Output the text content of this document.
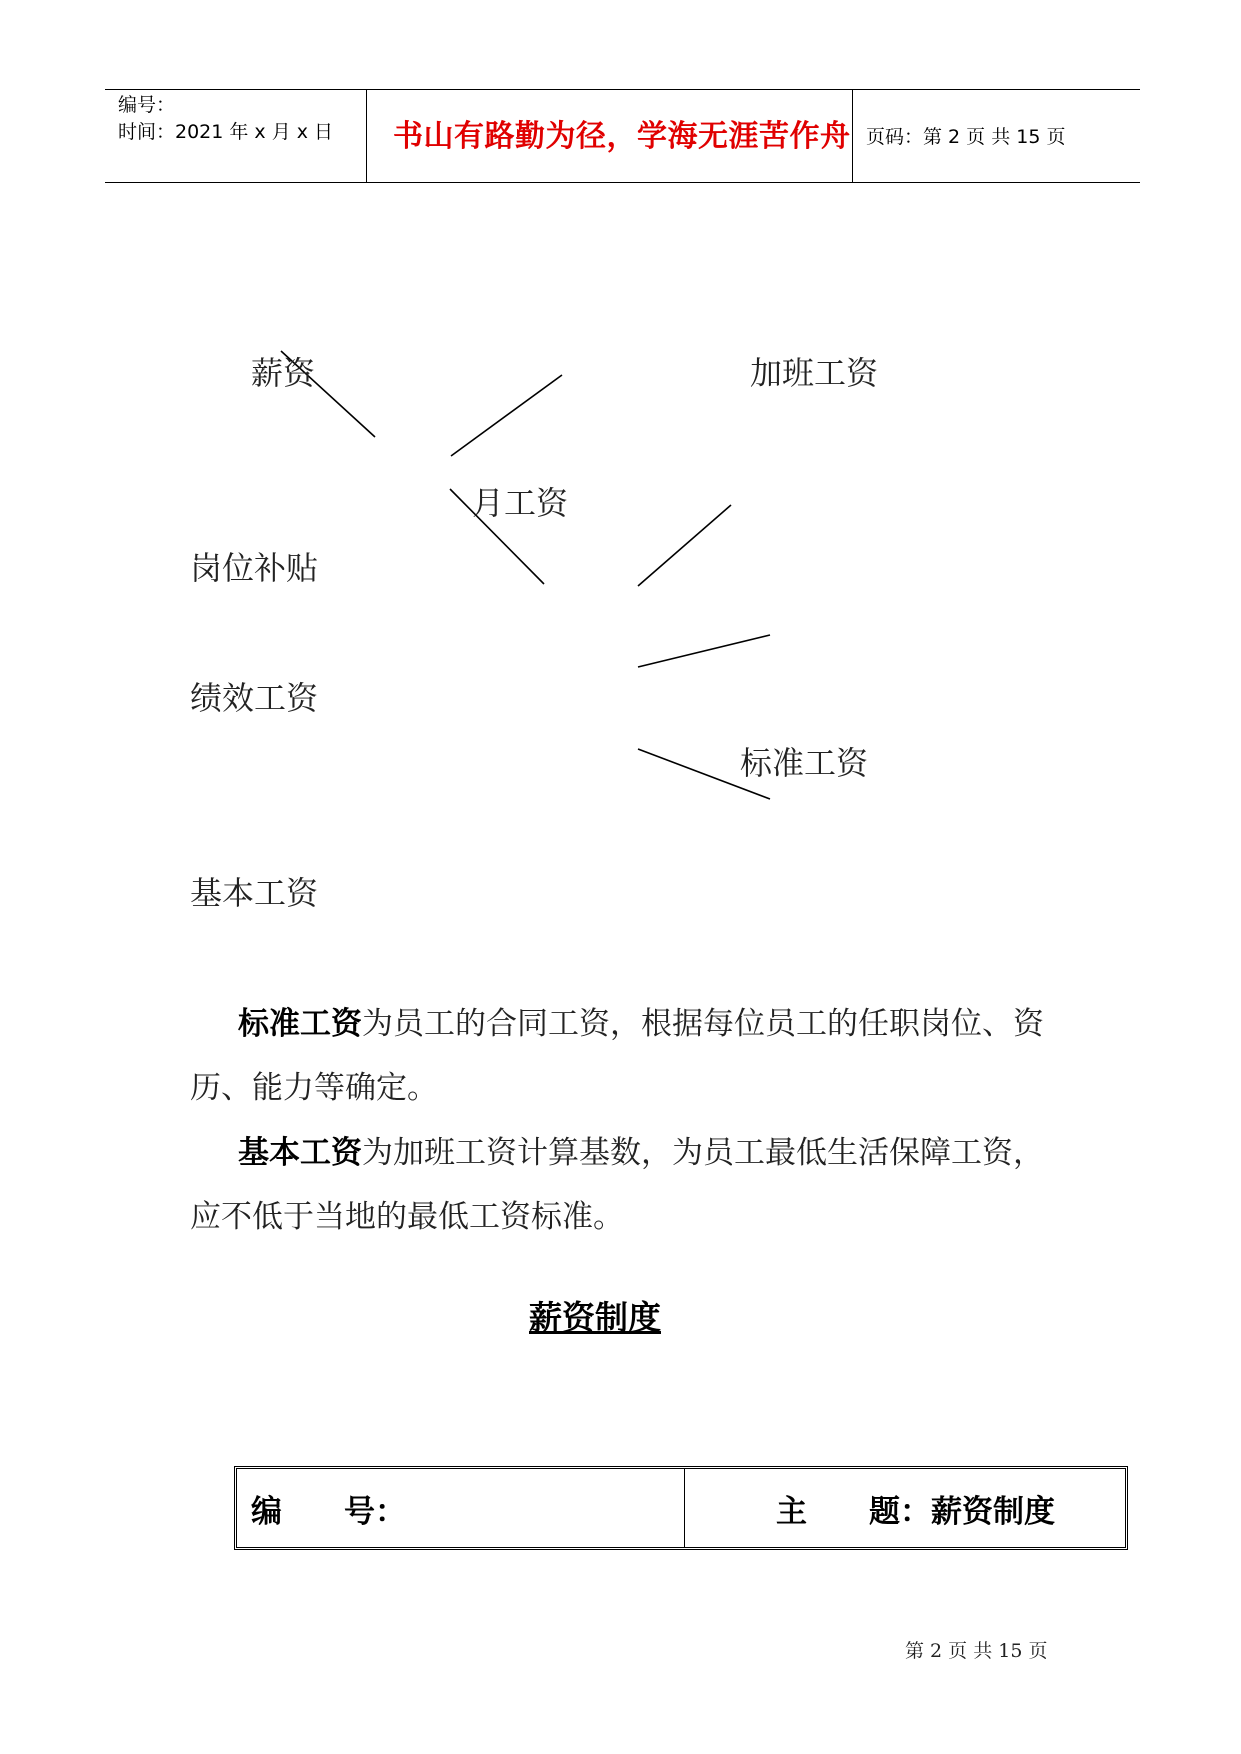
编号：
时间：2021 年 x 月 x 日 书山有路勤为径，学海无涯苦作舟 页码：第 2 页 共 15 页
薪资	加班工资
月工资
岗位补贴
绩效工资
标准工资
基本工资
标准工资为员工的合同工资，根据每位员工的任职岗位、资历、能力等确定。
基本工资为加班工资计算基数，为员工最低生活保障工资，应不低于当地的最低工资标准。
薪资制度
编　　号：	主　　题：薪资制度
第 2 页 共 15 页
